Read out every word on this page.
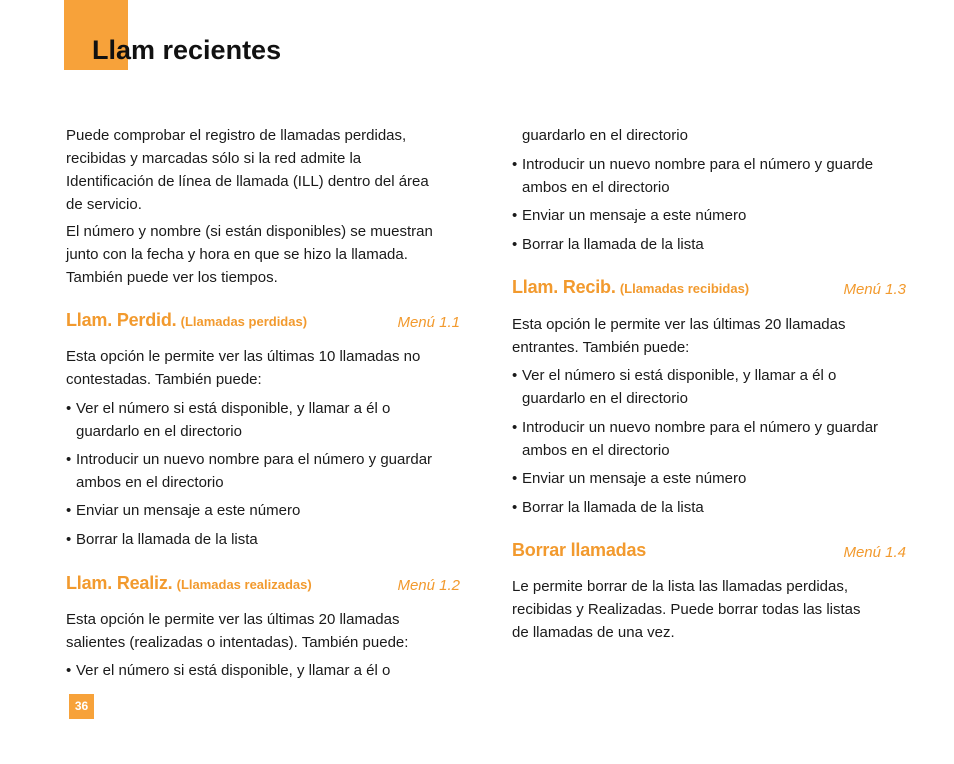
Llam recientes

Puede comprobar el registro de llamadas perdidas,
recibidas y marcadas sólo si la red admite la
Identificación de línea de llamada (ILL) dentro del área
de servicio.

El número y nombre (si están disponibles) se muestran
junto con la fecha y hora en que se hizo la llamada.
También puede ver los tiempos.

Llam. Perdid. (Llamadas perdidas)	Menú 1.1

Esta opción le permite ver las últimas 10 llamadas no
contestadas. También puede:

• Ver el número si está disponible, y llamar a él o
guardarlo en el directorio
• Introducir un nuevo nombre para el número y guardar
ambos en el directorio
• Enviar un mensaje a este número
• Borrar la llamada de la lista
Llam. Realiz. (Llamadas realizadas)	Menú 1.2

Esta opción le permite ver las últimas 20 llamadas
salientes (realizadas o intentadas). También puede:

• Ver el número si está disponible, y llamar a él o
guardarlo en el directorio
• Introducir un nuevo nombre para el número y guarde
ambos en el directorio
• Enviar un mensaje a este número
• Borrar la llamada de la lista
Llam. Recib. (Llamadas recibidas)	Menú 1.3

Esta opción le permite ver las últimas 20 llamadas
entrantes. También puede:

• Ver el número si está disponible, y llamar a él o
guardarlo en el directorio
• Introducir un nuevo nombre para el número y guardar
ambos en el directorio
• Enviar un mensaje a este número
• Borrar la llamada de la lista
Borrar llamadas	Menú 1.4

Le permite borrar de la lista las llamadas perdidas,
recibidas y Realizadas. Puede borrar todas las listas
de llamadas de una vez.

36
